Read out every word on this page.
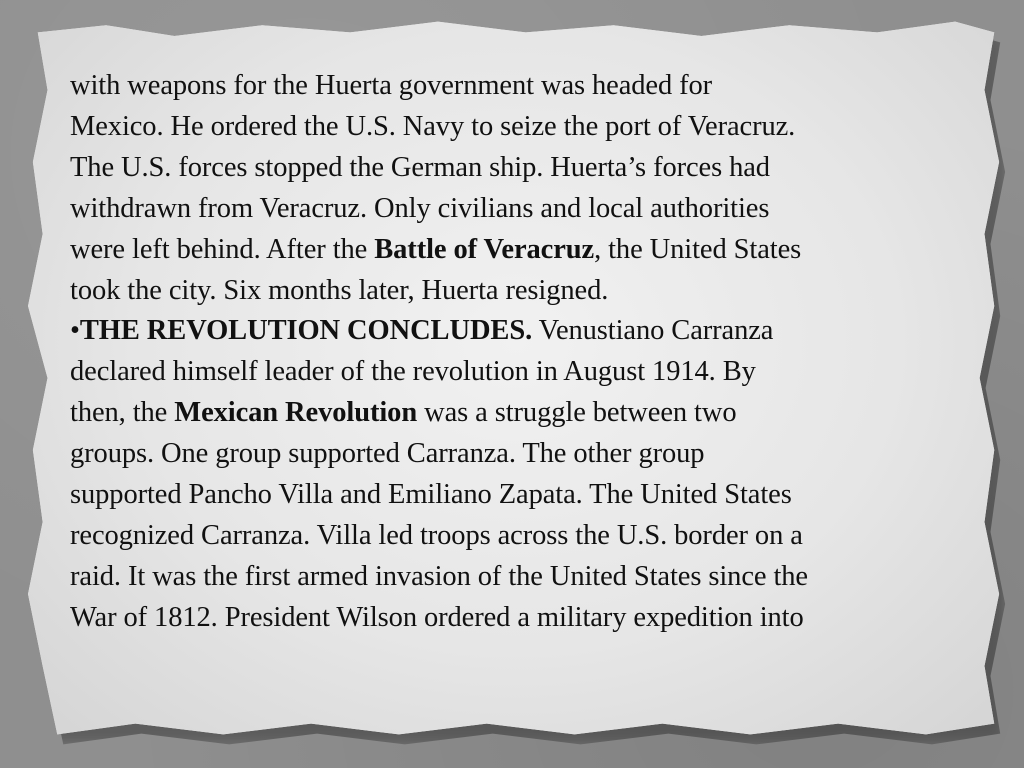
with weapons for the Huerta government was headed for
Mexico. He ordered the U.S. Navy to seize the port of Veracruz.
The U.S. forces stopped the German ship. Huerta’s forces had
withdrawn from Veracruz. Only civilians and local authorities
were left behind. After the Battle of Veracruz, the United States
took the city. Six months later, Huerta resigned.
•THE REVOLUTION CONCLUDES. Venustiano Carranza
declared himself leader of the revolution in August 1914. By
then, the Mexican Revolution was a struggle between two
groups. One group supported Carranza. The other group
supported Pancho Villa and Emiliano Zapata. The United States
recognized Carranza. Villa led troops across the U.S. border on a
raid. It was the first armed invasion of the United States since the
War of 1812. President Wilson ordered a military expedition into
